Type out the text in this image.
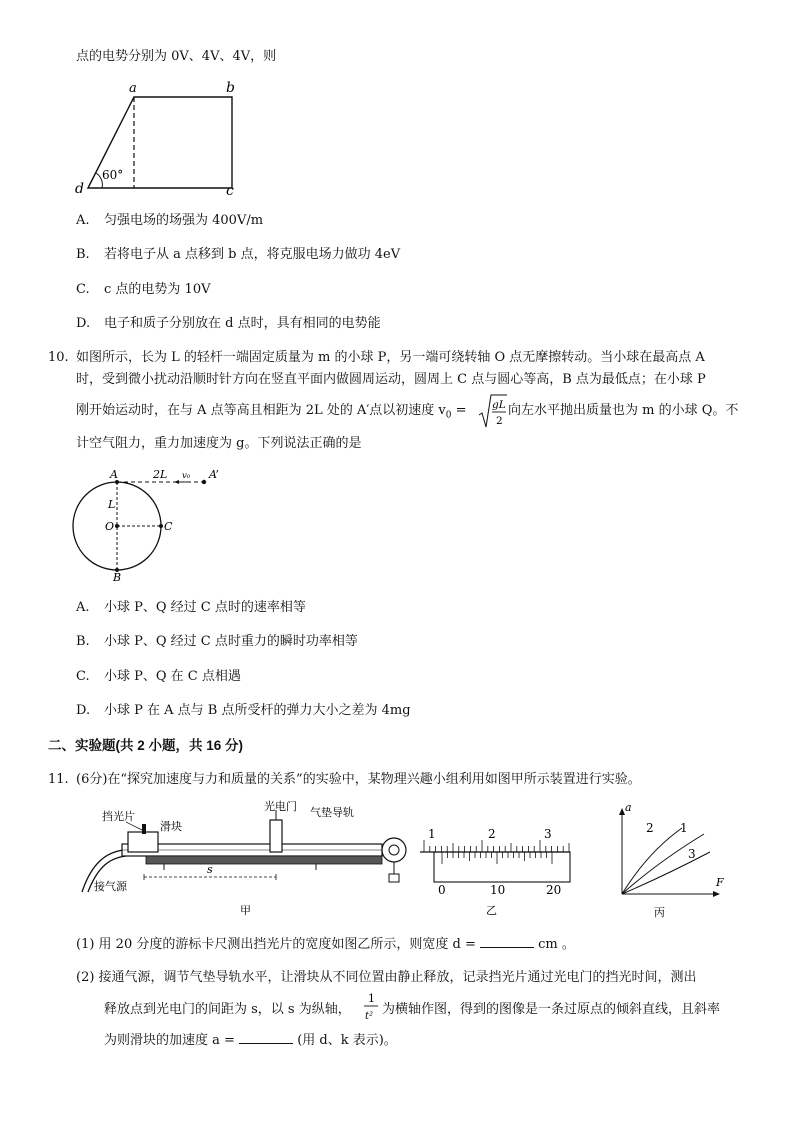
点的电势分别为 0V、4V、4V，则
a	b
c
d
60°
A. 匀强电场的场强为 400V/m
B. 若将电子从 a 点移到 b 点，将克服电场力做功 4eV
C. c 点的电势为 10V
D. 电子和质子分别放在 d 点时，具有相同的电势能
10. 如图所示，长为 L 的轻杆一端固定质量为 m 的小球 P，另一端可绕转轴 O 点无摩擦转动。当小球在最高点 A
时，受到微小扰动沿顺时针方向在竖直平面内做圆周运动，圆周上 C 点与圆心等高，B 点为最低点；在小球 P
刚开始运动时，在与 A 点等高且相距为 2L 处的 A′点以初速度 $v_0$ = gL
2
向左水平抛出质量也为 m 的小球 Q。不
计空气阻力，重力加速度为 g。下列说法正确的是
A	A’
2L v₀
L
O	C
B
A. 小球 P、Q 经过 C 点时的速率相等
B. 小球 P、Q 经过 C 点时重力的瞬时功率相等
C. 小球 P、Q 在 C 点相遇
D. 小球 P 在 A 点与 B 点所受杆的弹力大小之差为 4mg
二、实验题(共 2 小题，共 16 分)
11. (6分)在“探究加速度与力和质量的关系”的实验中，某物理兴趣小组利用如图甲所示装置进行实验。
挡光片
滑块
光电门 气垫导轨
接气源
s
甲
1	2	3
0	10	20
乙
a
F
2 1
3
丙
(1) 用 20 分度的游标卡尺测出挡光片的宽度如图乙所示，则宽度 d =	cm 。
(2) 接通气源，调节气垫导轨水平，让滑块从不同位置由静止释放，记录挡光片通过光电门的挡光时间，测出
释放点到光电门的间距为 s，以 s 为纵轴，
1
t² 为横轴作图，得到的图像是一条过原点的倾斜直线，且斜率
为则滑块的加速度 a =	(用 d、k 表示)。
